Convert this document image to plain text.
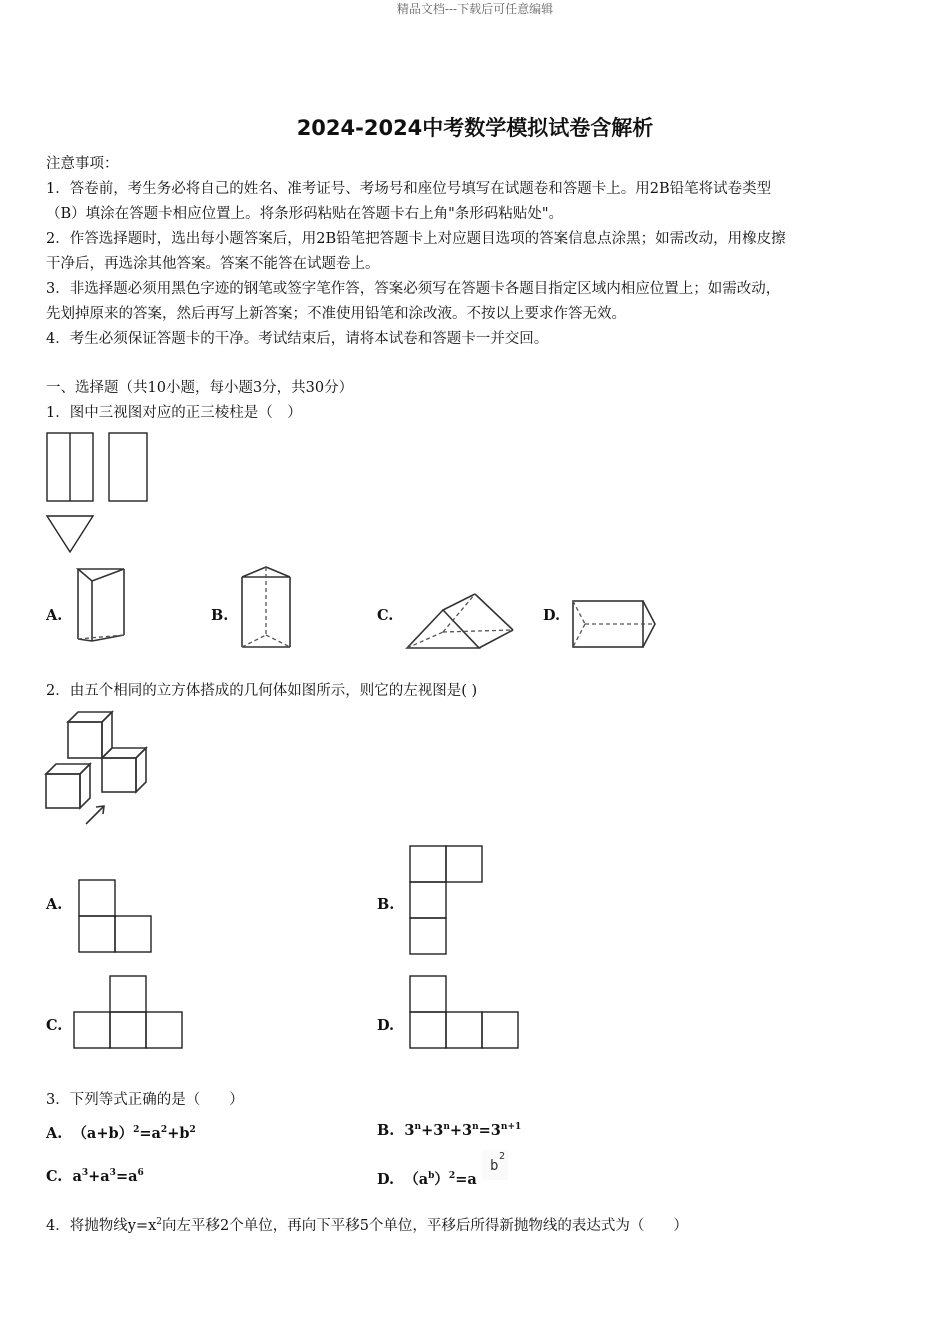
精品文档---下载后可任意编辑
2024-2024中考数学模拟试卷含解析
注意事项：
1．答卷前，考生务必将自己的姓名、准考证号、考场号和座位号填写在试题卷和答题卡上。用2B铅笔将试卷类型
（B）填涂在答题卡相应位置上。将条形码粘贴在答题卡右上角"条形码粘贴处"。
2．作答选择题时，选出每小题答案后，用2B铅笔把答题卡上对应题目选项的答案信息点涂黑；如需改动，用橡皮擦
干净后，再选涂其他答案。答案不能答在试题卷上。
3．非选择题必须用黑色字迹的钢笔或签字笔作答，答案必须写在答题卡各题目指定区域内相应位置上；如需改动，
先划掉原来的答案，然后再写上新答案；不准使用铅笔和涂改液。不按以上要求作答无效。
4．考生必须保证答题卡的干净。考试结束后，请将本试卷和答题卡一并交回。
一、选择题（共10小题，每小题3分，共30分）
1．图中三视图对应的正三棱柱是（　）
A.	B.	C.	D.
2．由五个相同的立方体搭成的几何体如图所示，则它的左视图是( )
A.	B.
C.	D.
3．下列等式正确的是（　　）
A. $(a+b)^2=a^2+b^2$	B. $3^n+3^n+3^n=3^{n+1}$
C. $a^3+a^3=a^6$	D. $(a^b)^2=a$
b
2
4．将抛物线$y=x^2$向左平移2个单位，再向下平移5个单位，平移后所得新抛物线的表达式为（　　）
